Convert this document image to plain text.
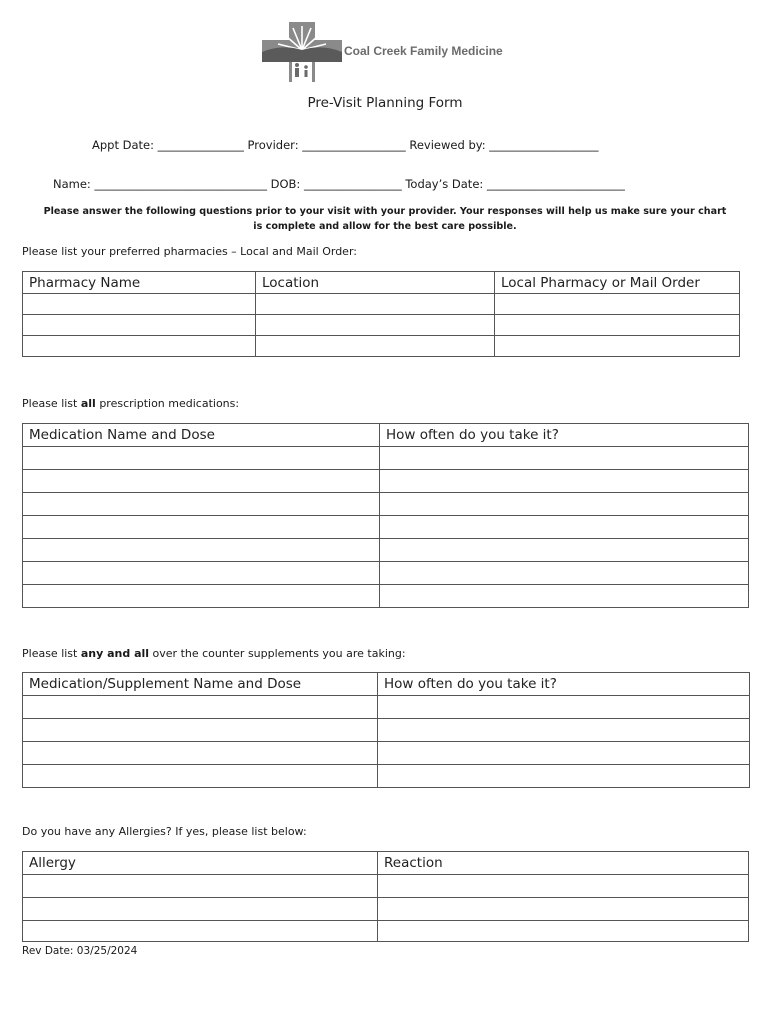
Coal Creek Family Medicine
Pre-Visit Planning Form
Appt Date: _______________ Provider: __________________ Reviewed by: ___________________
Name: ______________________________ DOB: _________________ Today’s Date: ________________________
Please answer the following questions prior to your visit with your provider. Your responses will help us make sure your chart is complete and allow for the best care possible.
Please list your preferred pharmacies – Local and Mail Order:
Pharmacy Name	Location	Local Pharmacy or Mail Order

Please list all prescription medications:
Medication Name and Dose	How often do you take it?

Please list any and all over the counter supplements you are taking:
Medication/Supplement Name and Dose	How often do you take it?

Do you have any Allergies? If yes, please list below:
Allergy	Reaction

Rev Date: 03/25/2024
